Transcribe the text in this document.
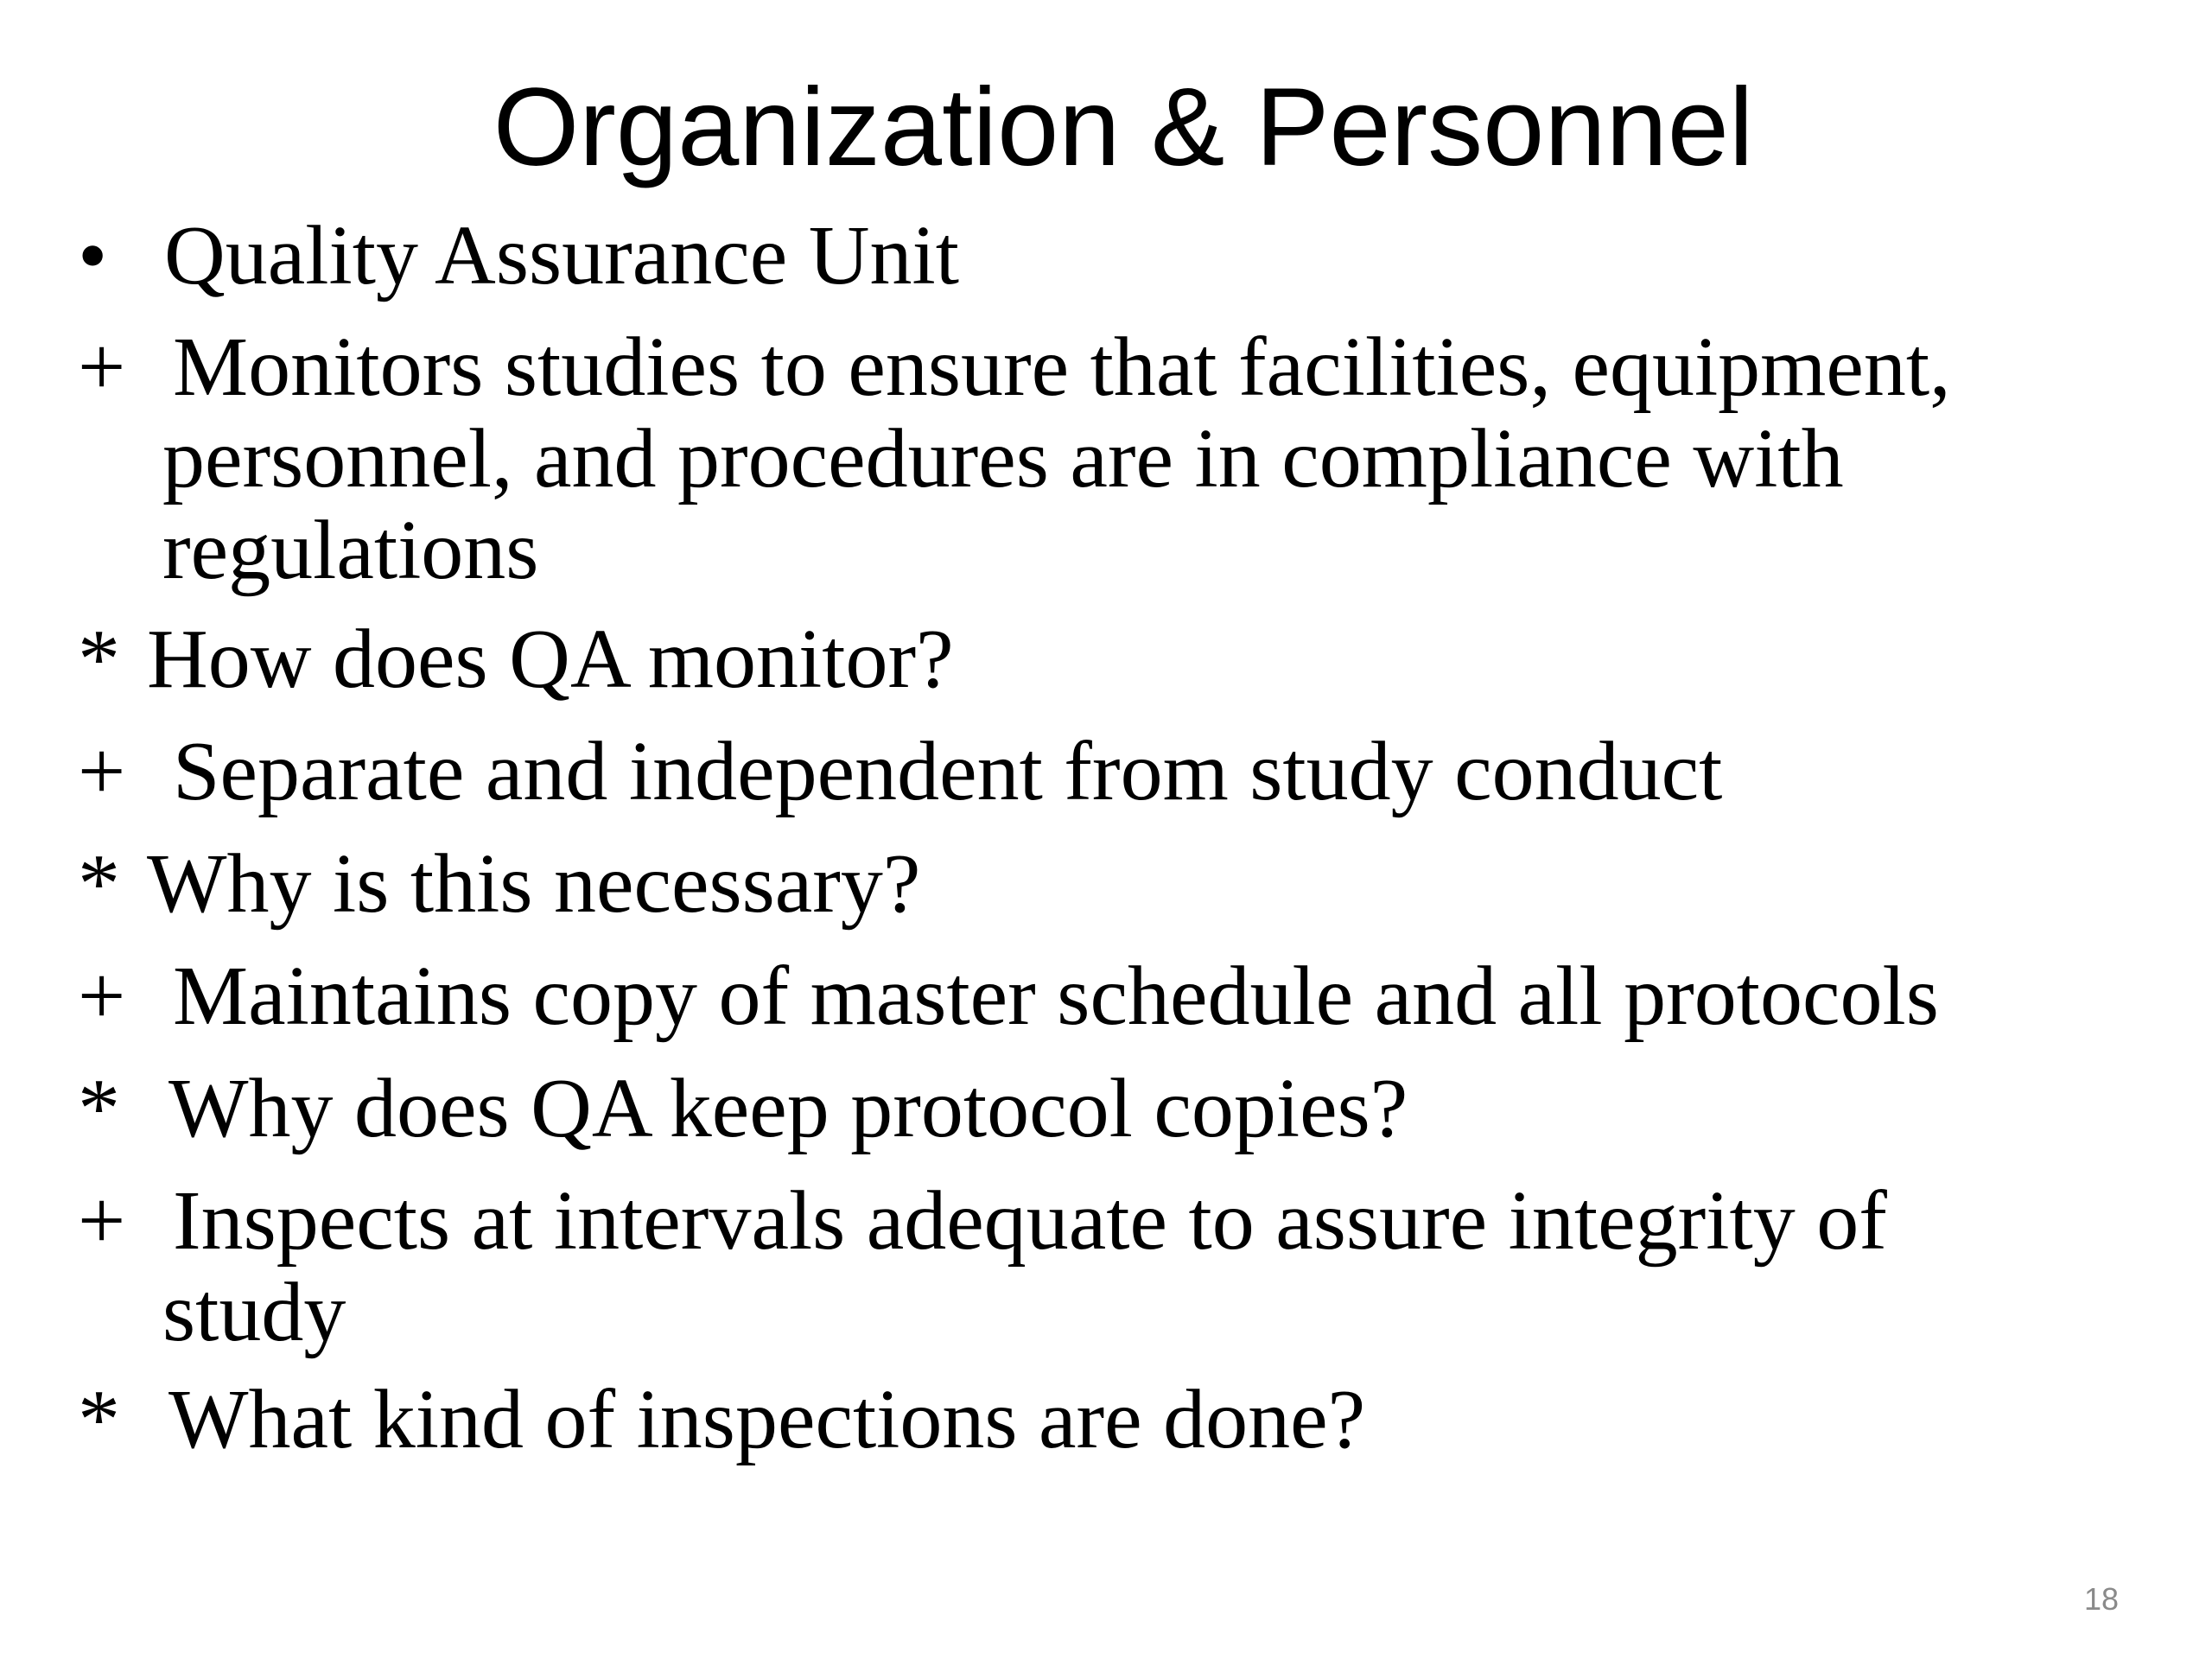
Organization & Personnel
• Quality Assurance Unit
+ Monitors studies to ensure that facilities, equipment,
personnel, and procedures are in compliance with
regulations
* How does QA monitor?
+ Separate and independent from study conduct
* Why is this necessary?
+ Maintains copy of master schedule and all protocols
* Why does QA keep protocol copies?
+ Inspects at intervals adequate to assure integrity of
study
* What kind of inspections are done?
18
